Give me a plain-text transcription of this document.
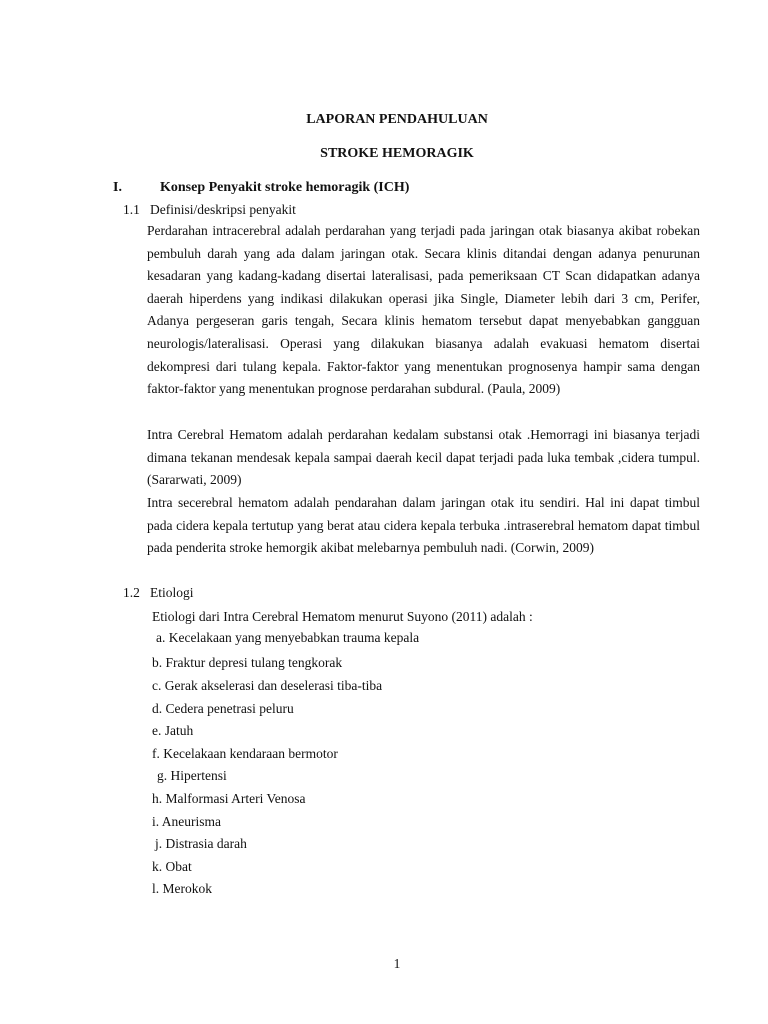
LAPORAN PENDAHULUAN
STROKE HEMORAGIK
I.	Konsep Penyakit stroke hemoragik (ICH)
1.1 Definisi/deskripsi penyakit

Perdarahan intracerebral adalah perdarahan yang terjadi pada jaringan otak biasanya akibat robekan pembuluh darah yang ada dalam jaringan otak. Secara klinis ditandai dengan adanya penurunan kesadaran yang kadang-kadang disertai lateralisasi, pada pemeriksaan CT Scan didapatkan adanya daerah hiperdens yang indikasi dilakukan operasi jika Single, Diameter lebih dari 3 cm, Perifer, Adanya pergeseran garis tengah, Secara klinis hematom tersebut dapat menyebabkan gangguan neurologis/lateralisasi. Operasi yang dilakukan biasanya adalah evakuasi hematom disertai dekompresi dari tulang kepala. Faktor-faktor yang menentukan prognosenya hampir sama dengan faktor-faktor yang menentukan prognose perdarahan subdural. (Paula, 2009)

Intra Cerebral Hematom adalah perdarahan kedalam substansi otak .Hemorragi ini biasanya terjadi dimana tekanan mendesak kepala sampai daerah kecil dapat terjadi pada luka tembak ,cidera tumpul. (Sararwati, 2009)

Intra secerebral hematom adalah pendarahan dalam jaringan otak itu sendiri. Hal ini dapat timbul pada cidera kepala tertutup yang berat atau cidera kepala terbuka .intraserebral hematom dapat timbul pada penderita stroke hemorgik akibat melebarnya pembuluh nadi. (Corwin, 2009)

1.2 Etiologi
Etiologi dari Intra Cerebral Hematom menurut Suyono (2011) adalah :
a. Kecelakaan yang menyebabkan trauma kepala
b. Fraktur depresi tulang tengkorak
c. Gerak akselerasi dan deselerasi tiba-tiba
d. Cedera penetrasi peluru
e. Jatuh
f. Kecelakaan kendaraan bermotor
g. Hipertensi
h. Malformasi Arteri Venosa
i. Aneurisma
j. Distrasia darah
k. Obat
l. Merokok
1
